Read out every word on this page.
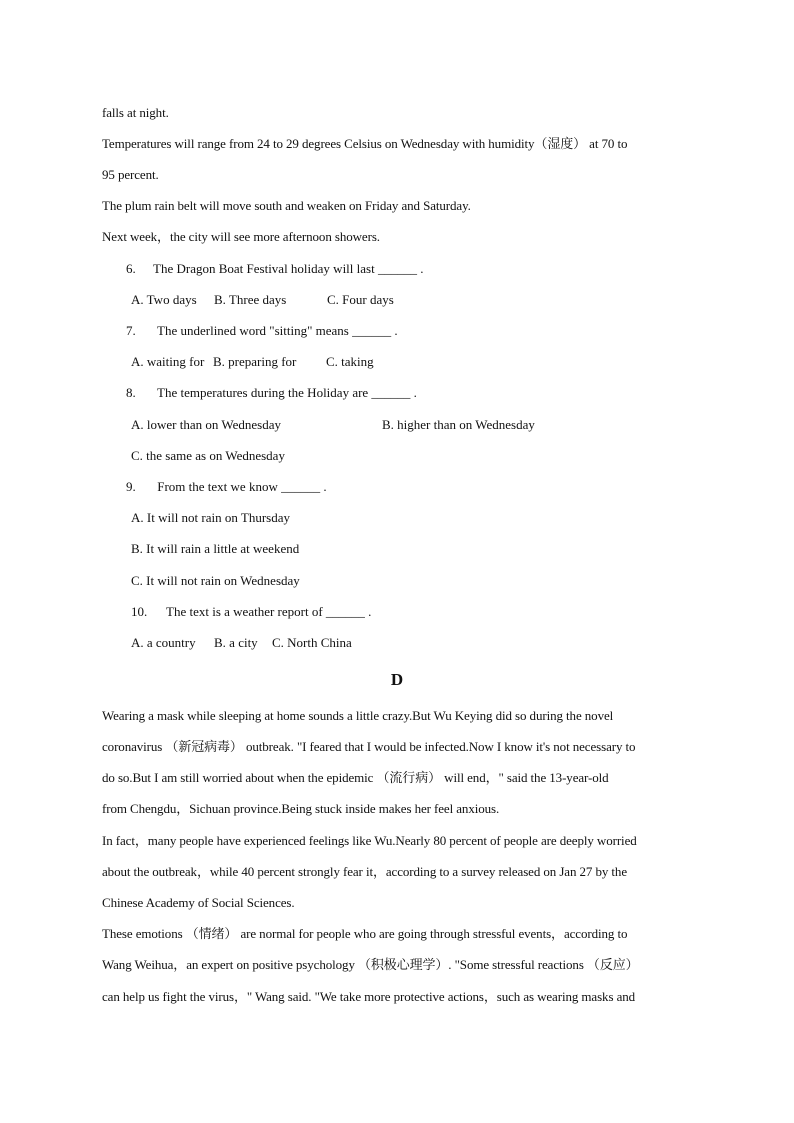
falls at night.
Temperatures will range from 24 to 29 degrees Celsius on Wednesday with humidity（湿度） at 70 to
95 percent.
The plum rain belt will move south and weaken on Friday and Saturday.
Next week，the city will see more afternoon showers.
6. The Dragon Boat Festival holiday will last ______ .
A. Two days B. Three days	C. Four days
7. The underlined word "sitting" means ______ .
A. waiting for B. preparing for C. taking
8. The temperatures during the Holiday are ______ .
A. lower than on Wednesday	B. higher than on Wednesday
C. the same as on Wednesday
9. From the text we know ______ .
A. It will not rain on Thursday
B. It will rain a little at weekend
C. It will not rain on Wednesday
10. The text is a weather report of ______ .
A. a country B. a city C. North China
D
Wearing a mask while sleeping at home sounds a little crazy.But Wu Keying did so during the novel
coronavirus （新冠病毒） outbreak. "I feared that I would be infected.Now I know it's not necessary to
do so.But I am still worried about when the epidemic （流行病） will end，" said the 13-year-old
from Chengdu，Sichuan province.Being stuck inside makes her feel anxious.
In fact，many people have experienced feelings like Wu.Nearly 80 percent of people are deeply worried
about the outbreak，while 40 percent strongly fear it，according to a survey released on Jan 27 by the
Chinese Academy of Social Sciences.
These emotions （情绪） are normal for people who are going through stressful events，according to
Wang Weihua，an expert on positive psychology （积极心理学）. "Some stressful reactions （反应）
can help us fight the virus，" Wang said. "We take more protective actions，such as wearing masks and
